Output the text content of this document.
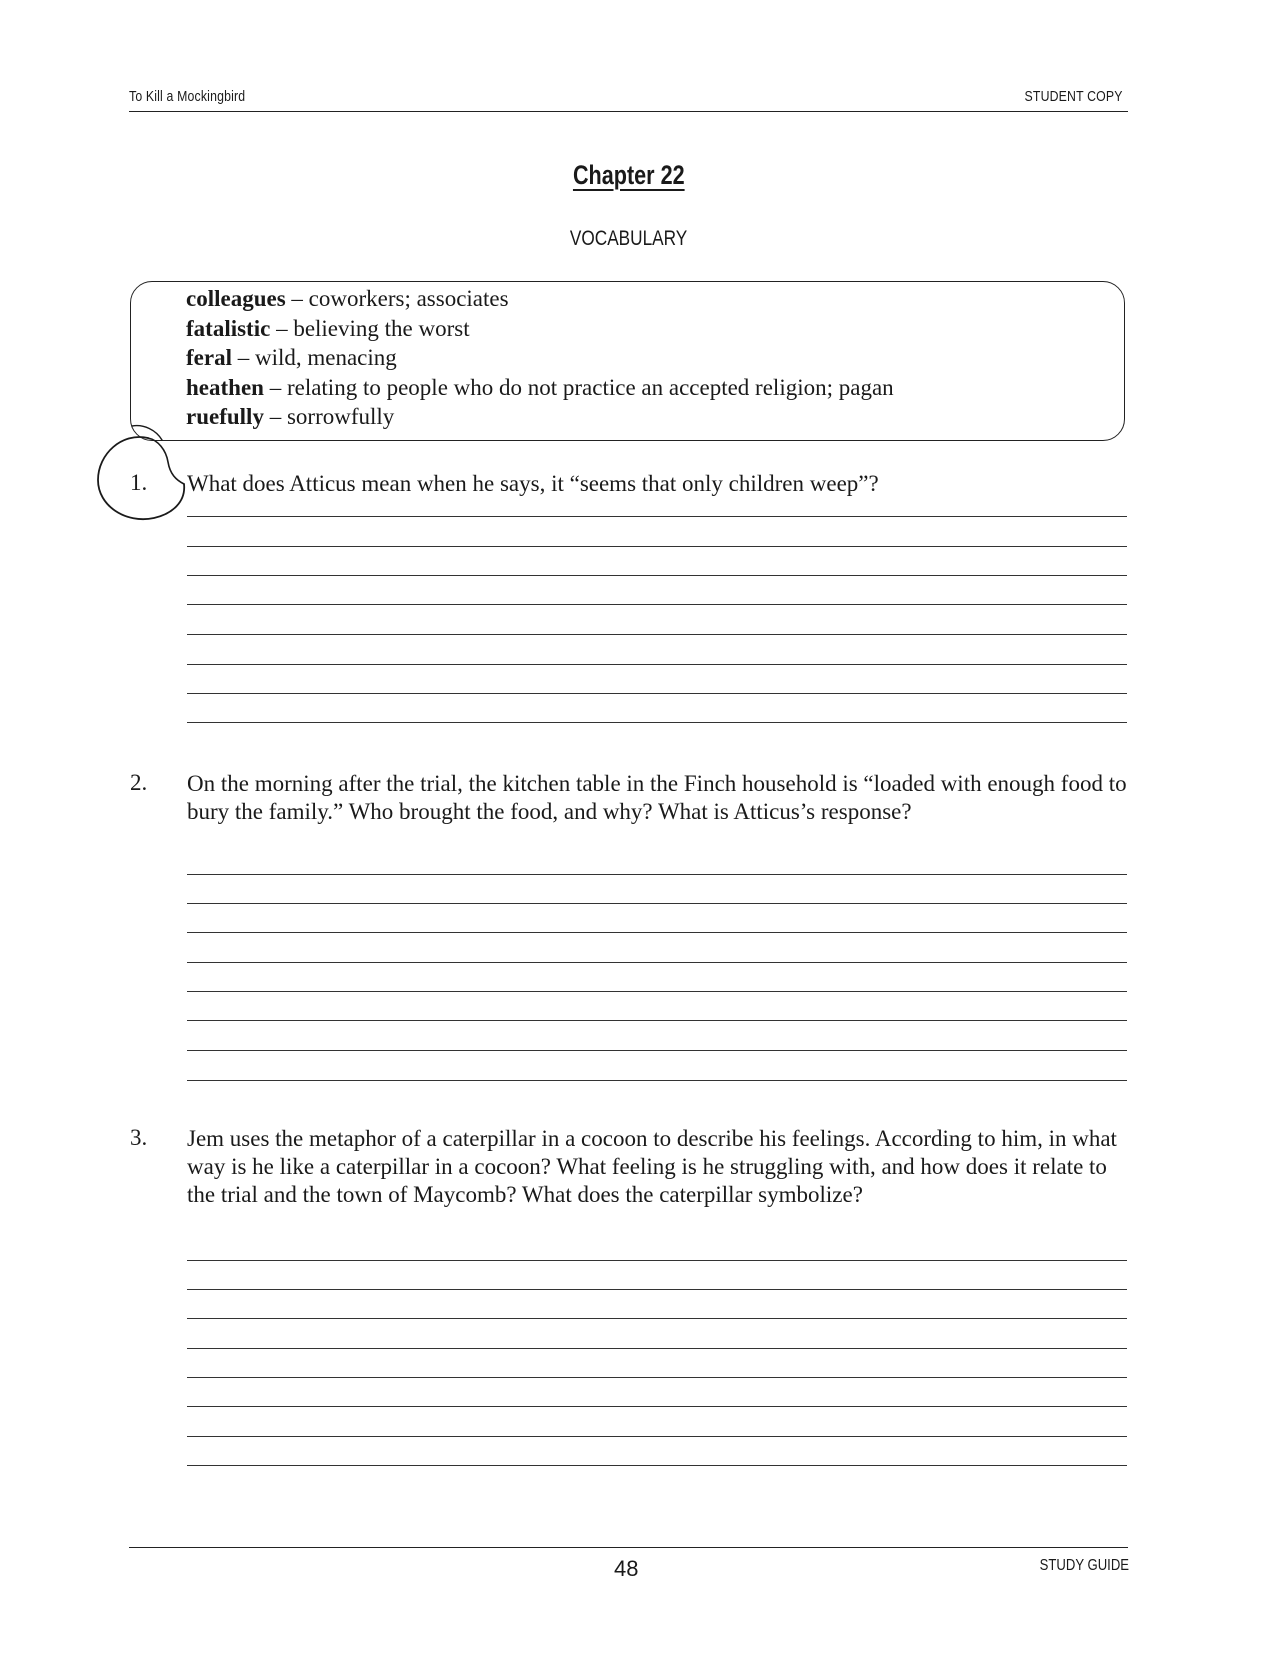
To Kill a Mockingbird	STUDENT COPY
Chapter 22
VOCABULARY
colleagues – coworkers; associates
fatalistic – believing the worst
feral – wild, menacing
heathen – relating to people who do not practice an accepted religion; pagan
ruefully – sorrowfully
1. What does Atticus mean when he says, it “seems that only children weep”?
2. On the morning after the trial, the kitchen table in the Finch household is “loaded with enough food to bury the family.” Who brought the food, and why? What is Atticus’s response?
3. Jem uses the metaphor of a caterpillar in a cocoon to describe his feelings. According to him, in what way is he like a caterpillar in a cocoon? What feeling is he struggling with, and how does it relate to the trial and the town of Maycomb? What does the caterpillar symbolize?
48	STUDY GUIDE
